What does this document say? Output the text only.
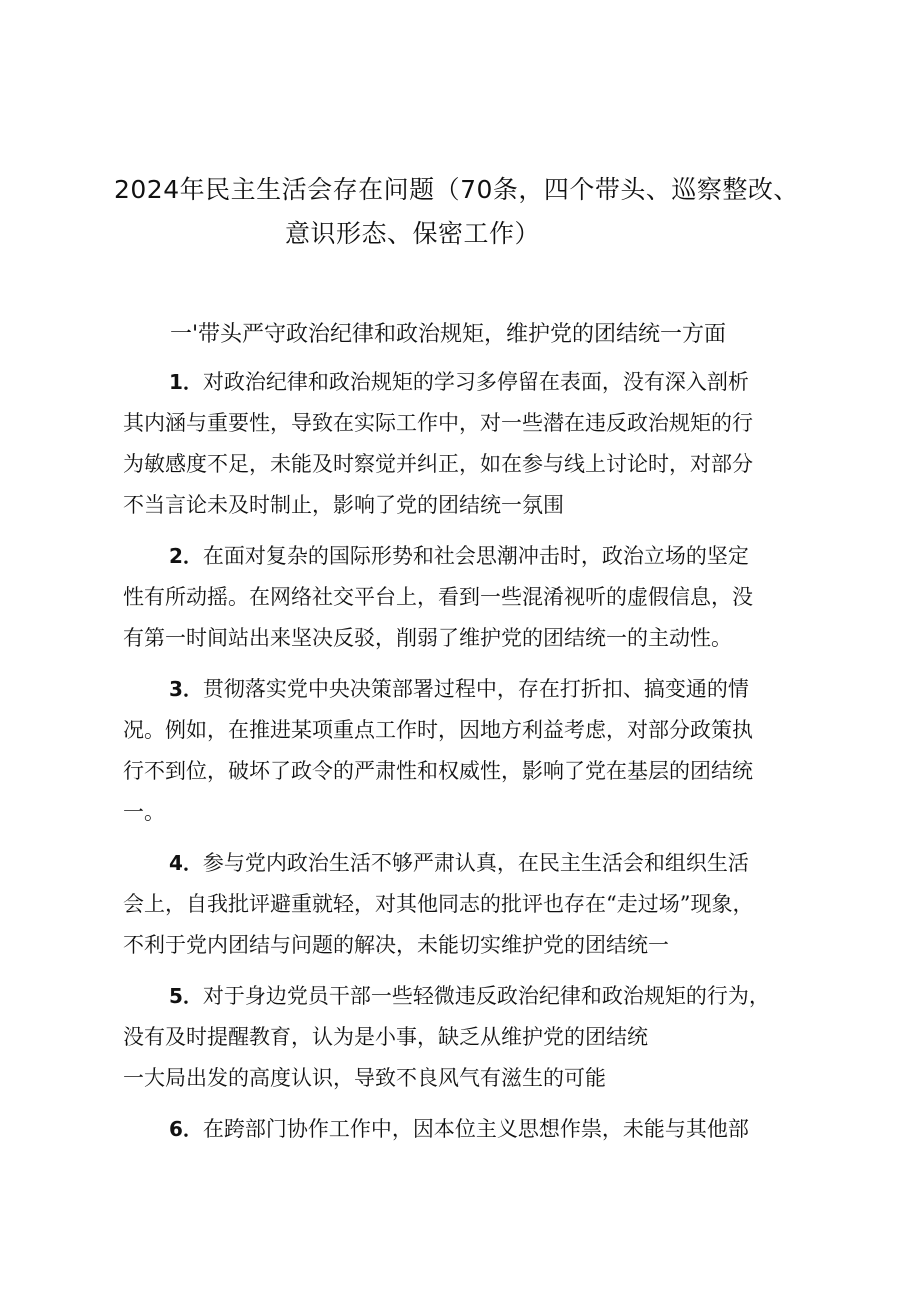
2024年民主生活会存在问题（70条，四个带头、巡察整改、
意识形态、保密工作）
一'带头严守政治纪律和政治规矩，维护党的团结统一方面
1．对政治纪律和政治规矩的学习多停留在表面，没有深入剖析
其内涵与重要性，导致在实际工作中，对一些潜在违反政治规矩的行
为敏感度不足，未能及时察觉并纠正，如在参与线上讨论时，对部分
不当言论未及时制止，影响了党的团结统一氛围
2．在面对复杂的国际形势和社会思潮冲击时，政治立场的坚定
性有所动摇。在网络社交平台上，看到一些混淆视听的虚假信息，没
有第一时间站出来坚决反驳，削弱了维护党的团结统一的主动性。
3．贯彻落实党中央决策部署过程中，存在打折扣、搞变通的情
况。例如，在推进某项重点工作时，因地方利益考虑，对部分政策执
行不到位，破坏了政令的严肃性和权威性，影响了党在基层的团结统
一。
4．参与党内政治生活不够严肃认真，在民主生活会和组织生活
会上，自我批评避重就轻，对其他同志的批评也存在“走过场”现象，
不利于党内团结与问题的解决，未能切实维护党的团结统一
5．对于身边党员干部一些轻微违反政治纪律和政治规矩的行为，
没有及时提醒教育，认为是小事，缺乏从维护党的团结统
一大局出发的高度认识，导致不良风气有滋生的可能
6．在跨部门协作工作中，因本位主义思想作祟，未能与其他部
